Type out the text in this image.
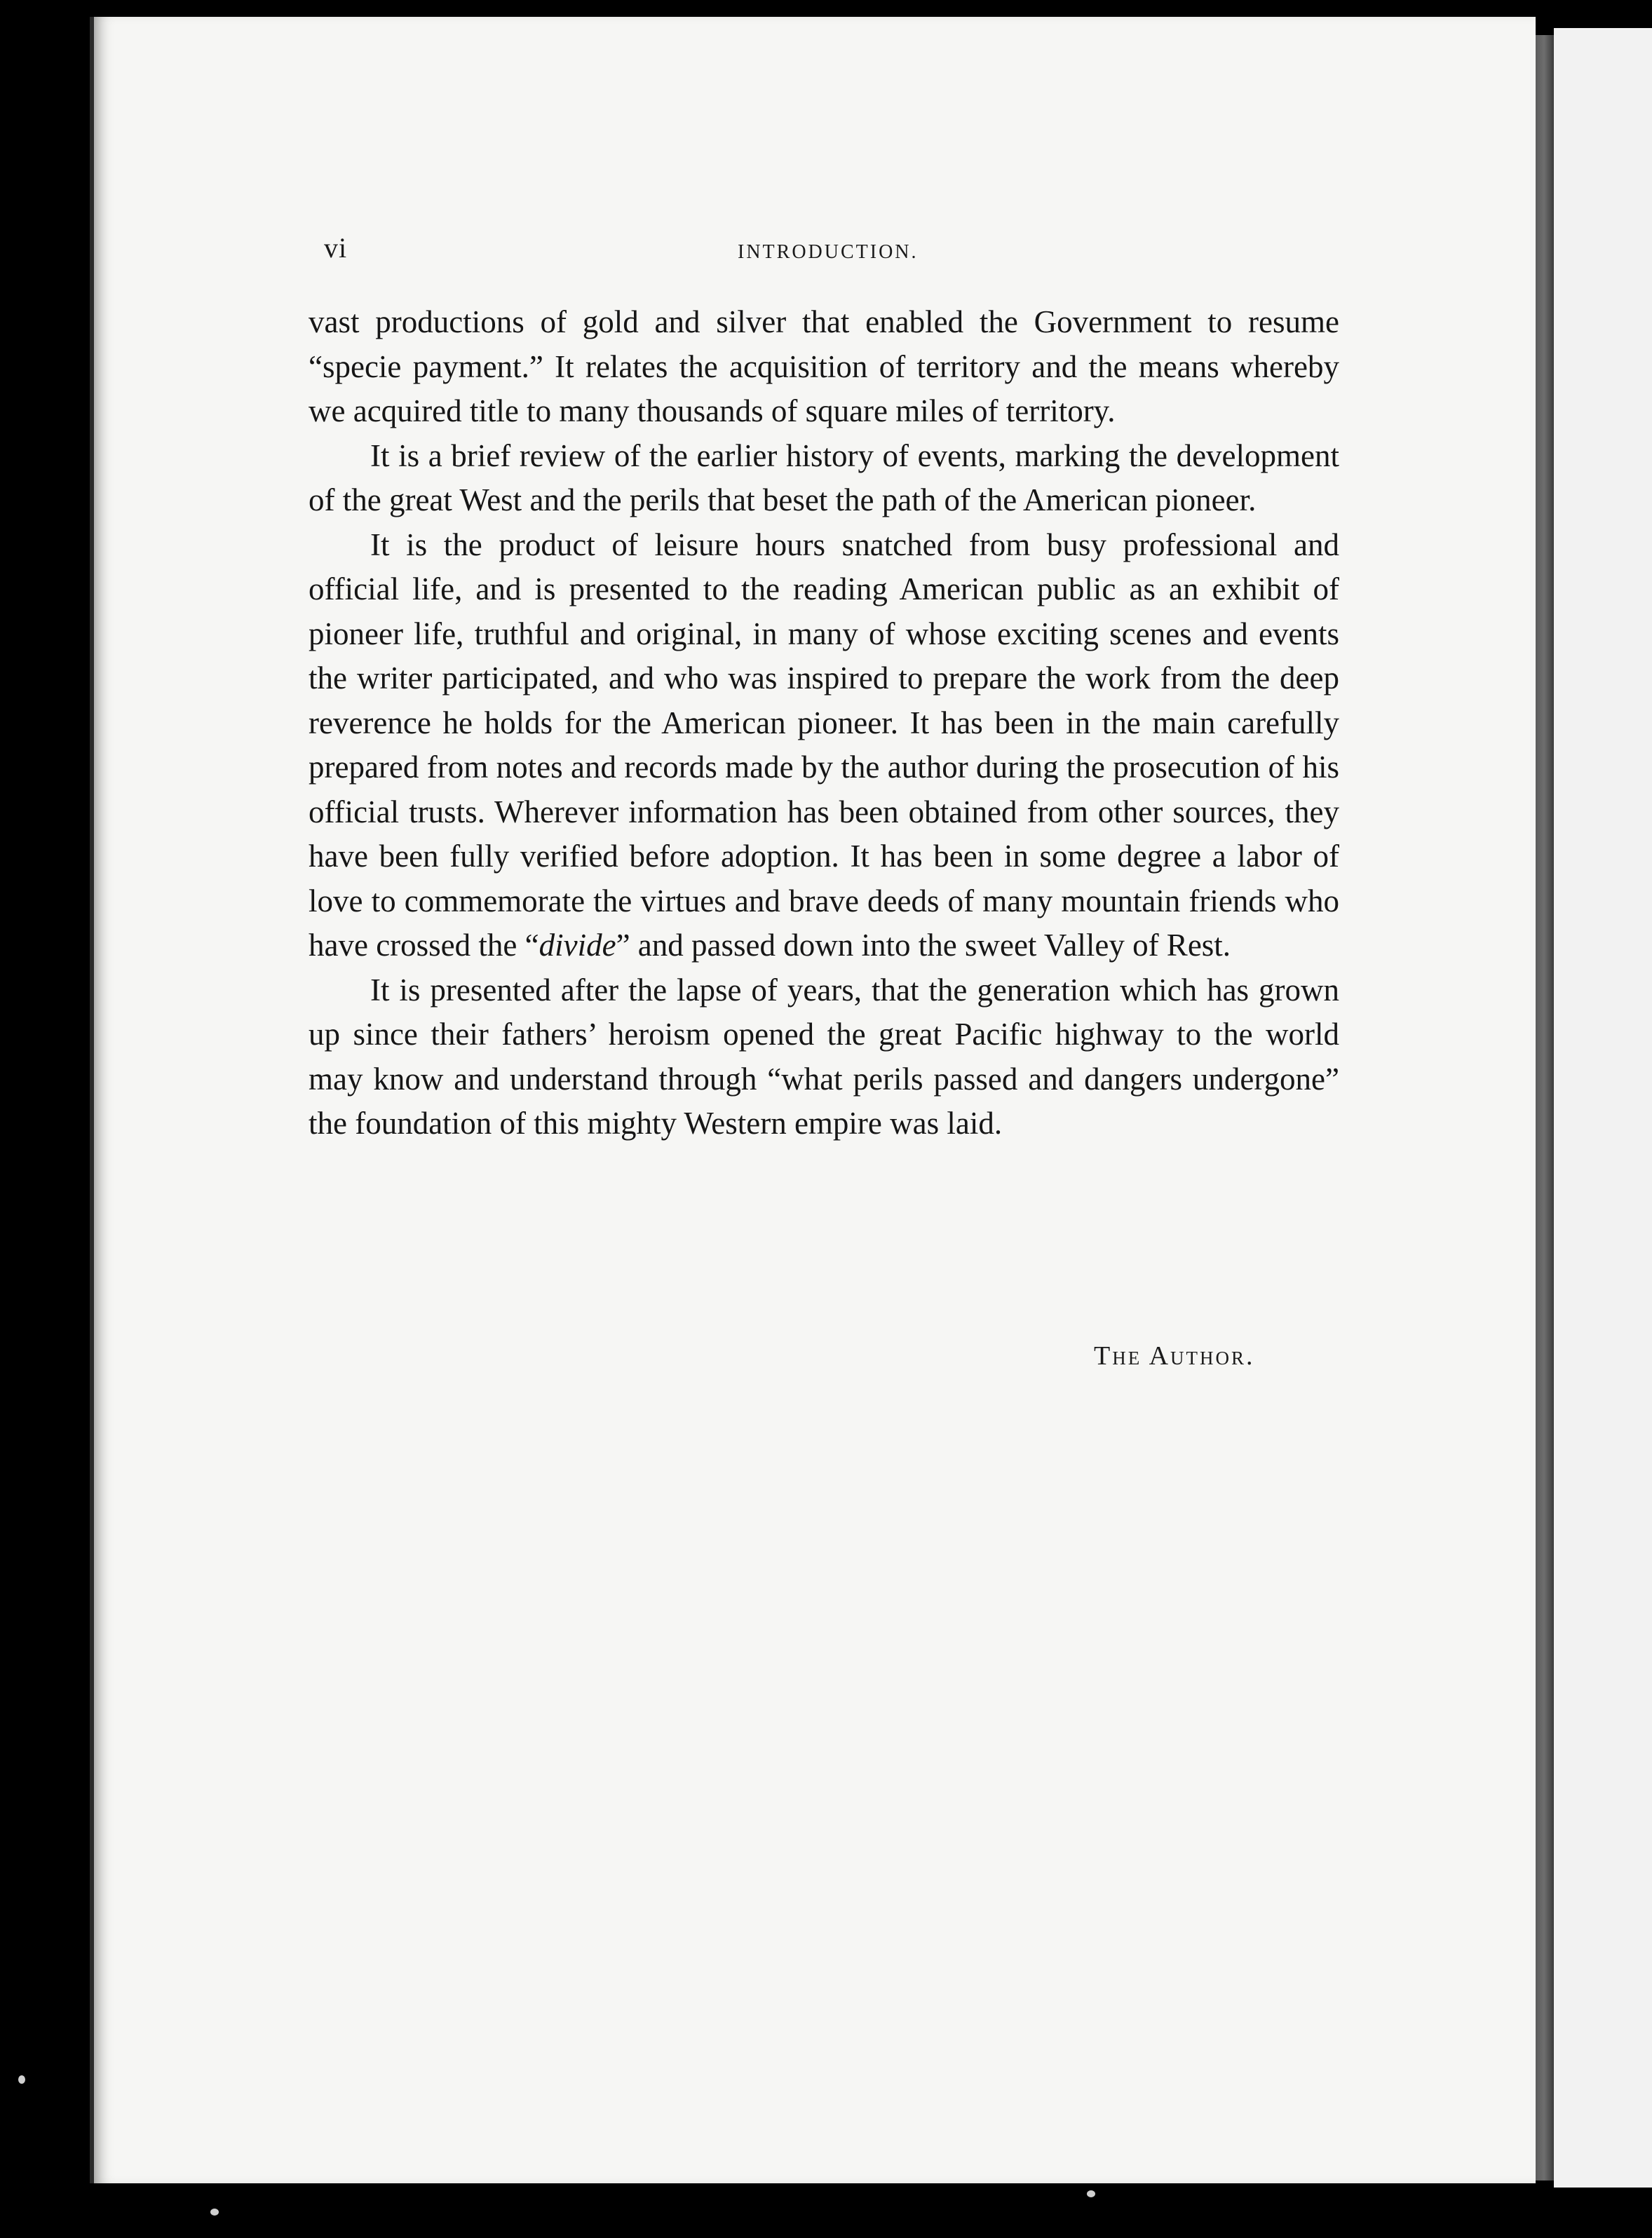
vi	INTRODUCTION.

vast productions of gold and silver that enabled the Government to resume “specie payment.” It relates the acquisition of territory and the means whereby we acquired title to many thousands of square miles of territory.

It is a brief review of the earlier history of events, marking the development of the great West and the perils that beset the path of the American pioneer.

It is the product of leisure hours snatched from busy professional and official life, and is presented to the reading American public as an exhibit of pioneer life, truthful and original, in many of whose exciting scenes and events the writer participated, and who was inspired to prepare the work from the deep reverence he holds for the American pioneer. It has been in the main carefully prepared from notes and records made by the author during the prosecution of his official trusts. Wherever information has been obtained from other sources, they have been fully verified before adoption. It has been in some degree a labor of love to commemorate the virtues and brave deeds of many mountain friends who have crossed the “divide” and passed down into the sweet Valley of Rest.

It is presented after the lapse of years, that the generation which has grown up since their fathers’ heroism opened the great Pacific highway to the world may know and understand through “what perils passed and dangers undergone” the foundation of this mighty Western empire was laid.

The Author.
